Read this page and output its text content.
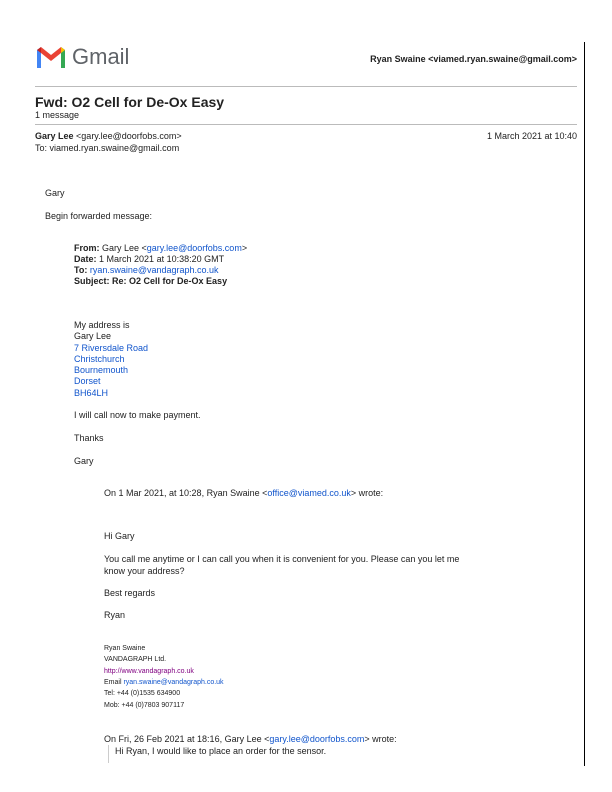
Gmail	Ryan Swaine <viamed.ryan.swaine@gmail.com>
Fwd: O2 Cell for De-Ox Easy
1 message
Gary Lee <gary.lee@doorfobs.com>	1 March 2021 at 10:40
To: viamed.ryan.swaine@gmail.com
Gary
Begin forwarded message:
From: Gary Lee <gary.lee@doorfobs.com>
Date: 1 March 2021 at 10:38:20 GMT
To: ryan.swaine@vandagraph.co.uk
Subject: Re: O2 Cell for De-Ox Easy
My address is
Gary Lee
7 Riversdale Road
Christchurch
Bournemouth
Dorset
BH64LH
I will call now to make payment.
Thanks
Gary
On 1 Mar 2021, at 10:28, Ryan Swaine <office@viamed.co.uk> wrote:
Hi Gary
You call me anytime or I can call you when it is convenient for you. Please can you let me
know your address?
Best regards
Ryan
Ryan Swaine
VANDAGRAPH Ltd.
http://www.vandagraph.co.uk
Email ryan.swaine@vandagraph.co.uk
Tel: +44 (0)1535 634900
Mob: +44 (0)7803 907117
On Fri, 26 Feb 2021 at 18:16, Gary Lee <gary.lee@doorfobs.com> wrote:
Hi Ryan, I would like to place an order for the sensor.
